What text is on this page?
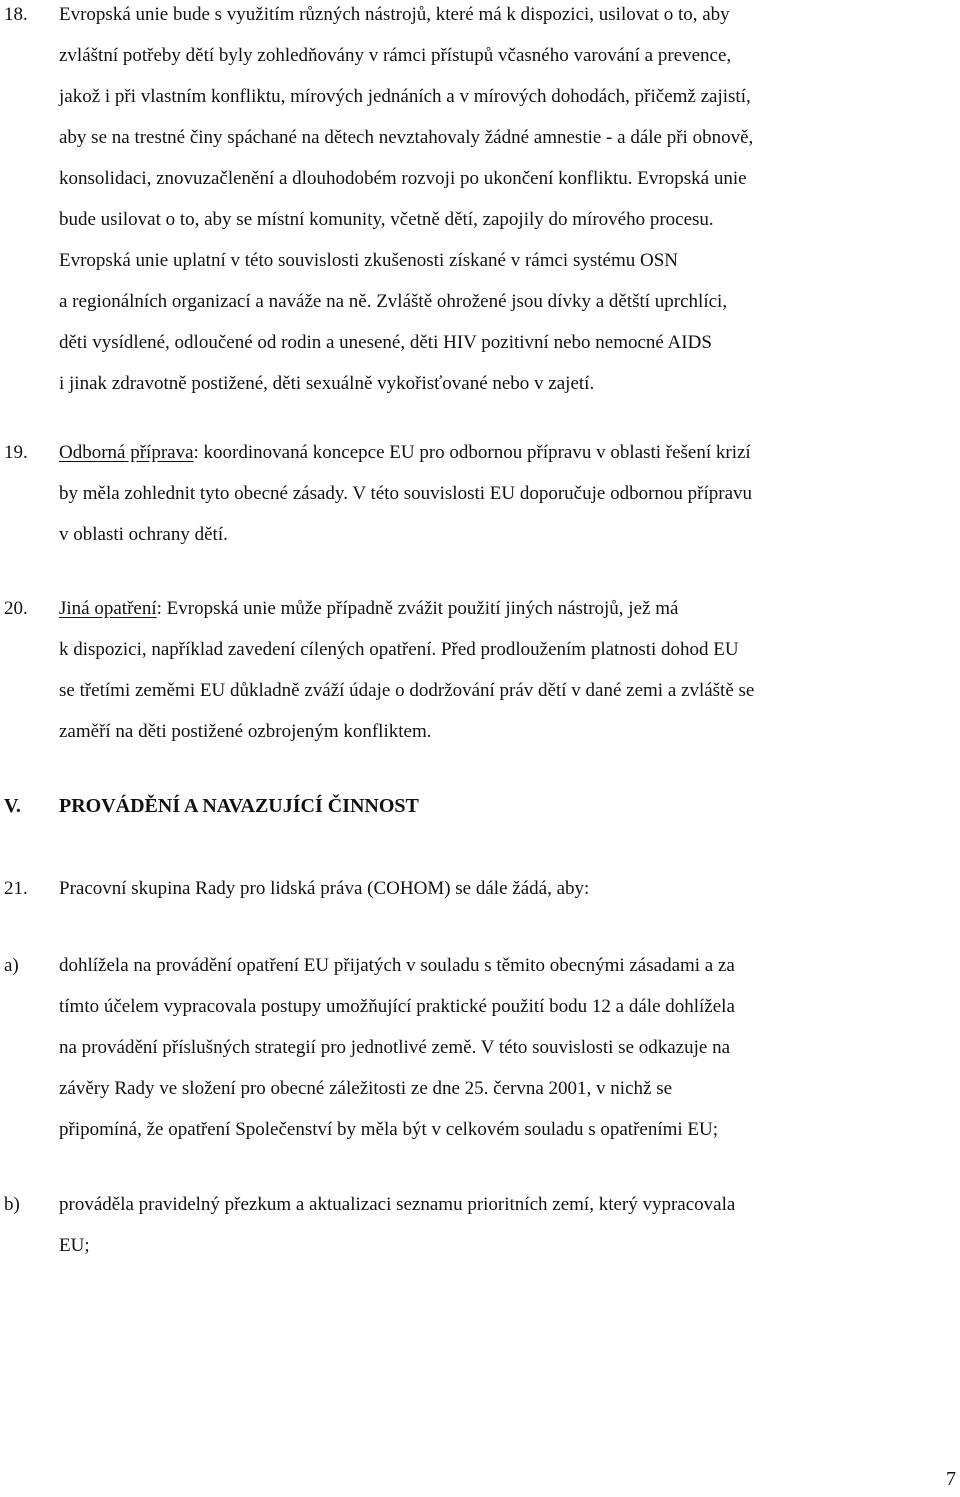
18. Evropská unie bude s využitím různých nástrojů, které má k dispozici, usilovat o to, aby
zvláštní potřeby dětí byly zohledňovány v rámci přístupů včasného varování a prevence,
jakož i při vlastním konfliktu, mírových jednáních a v mírových dohodách, přičemž zajistí,
aby se na trestné činy spáchané na dětech nevztahovaly žádné amnestie - a dále při obnově,
konsolidaci, znovuzačlenění a dlouhodobém rozvoji po ukončení konfliktu. Evropská unie
bude usilovat o to, aby se místní komunity, včetně dětí, zapojily do mírového procesu.
Evropská unie uplatní v této souvislosti zkušenosti získané v rámci systému OSN
a regionálních organizací a naváže na ně. Zvláště ohrožené jsou dívky a dětští uprchlíci,
děti vysídlené, odloučené od rodin a unesené, děti HIV pozitivní nebo nemocné AIDS
i jinak zdravotně postižené, děti sexuálně vykořisťované nebo v zajetí.
19. Odborná příprava: koordinovaná koncepce EU pro odbornou přípravu v oblasti řešení krizí
by měla zohlednit tyto obecné zásady. V této souvislosti EU doporučuje odbornou přípravu
v oblasti ochrany dětí.
20. Jiná opatření: Evropská unie může případně zvážit použití jiných nástrojů, jež má
k dispozici, například zavedení cílených opatření. Před prodloužením platnosti dohod EU
se třetími zeměmi EU důkladně zváží údaje o dodržování práv dětí v dané zemi a zvláště se
zaměří na děti postižené ozbrojeným konfliktem.
V. PROVÁDĚNÍ A NAVAZUJÍCÍ ČINNOST
21. Pracovní skupina Rady pro lidská práva (COHOM) se dále žádá, aby:
a) dohlížela na provádění opatření EU přijatých v souladu s těmito obecnými zásadami a za
tímto účelem vypracovala postupy umožňující praktické použití bodu 12 a dále dohlížela
na provádění příslušných strategií pro jednotlivé země. V této souvislosti se odkazuje na
závěry Rady ve složení pro obecné záležitosti ze dne 25. června 2001, v nichž se
připomíná, že opatření Společenství by měla být v celkovém souladu s opatřeními EU;
b) prováděla pravidelný přezkum a aktualizaci seznamu prioritních zemí, který vypracovala
EU;
7
